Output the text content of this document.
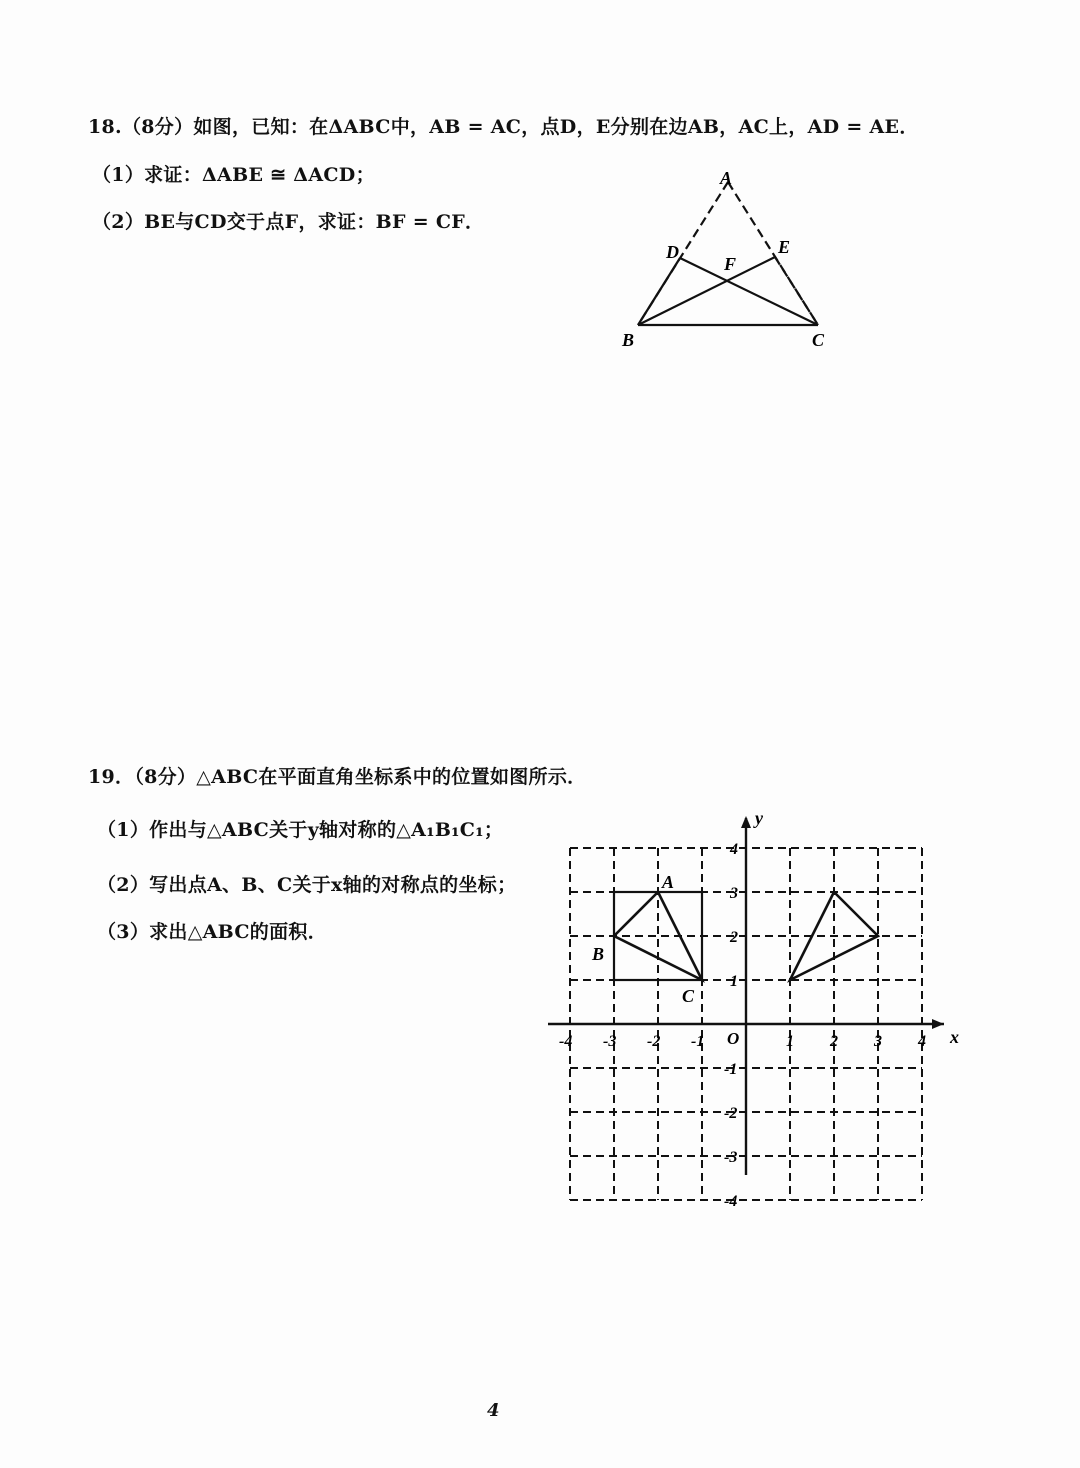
18.（8分）如图，已知：在ΔABC中，AB = AC，点D，E分别在边AB，AC上，AD = AE．
（1）求证：ΔABE ≅ ΔACD；
（2）BE与CD交于点F，求证：BF = CF．
A
B	C
D	E
F
19．（8分）△ABC在平面直角坐标系中的位置如图所示．
（1）作出与△ABC关于y轴对称的△A₁B₁C₁；
（2）写出点A、B、C关于x轴的对称点的坐标；
（3）求出△ABC的面积．
x
y
O
-4 -3 -2 -1	1 2 3 4
4
3
2
1
-1
-2
-3
-4
A
B
C
4
